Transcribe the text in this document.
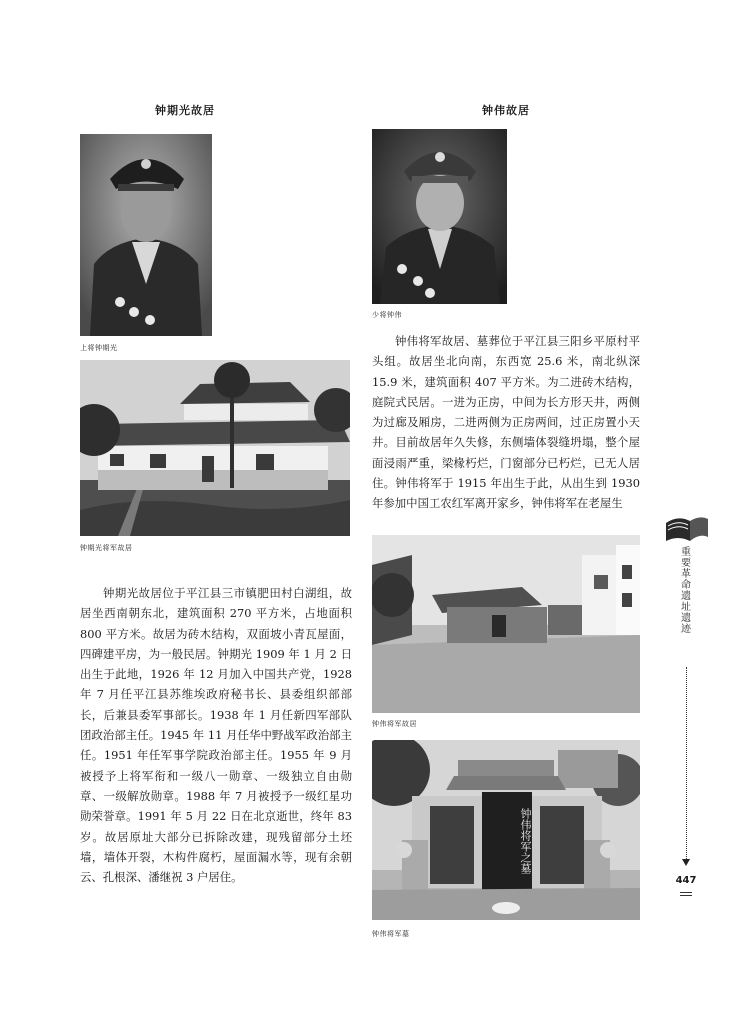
钟期光故居
上将钟期光
钟期光将军故居

钟期光故居位于平江县三市镇肥田村白湖组，故居坐西南朝东北，建筑面积 270 平方米，占地面积 800 平方米。故居为砖木结构，双面坡小青瓦屋面，四碑建平房，为一般民居。钟期光 1909 年 1 月 2 日出生于此地，1926 年 12 月加入中国共产党，1928 年 7 月任平江县苏维埃政府秘书长、县委组织部部长，后兼县委军事部长。1938 年 1 月任新四军部队团政治部主任。1945 年 11 月任华中野战军政治部主任。1951 年任军事学院政治部主任。1955 年 9 月被授予上将军衔和一级八一勋章、一级独立自由勋章、一级解放勋章。1988 年 7 月被授予一级红星功勋荣誉章。1991 年 5 月 22 日在北京逝世，终年 83 岁。故居原址大部分已拆除改建，现残留部分土坯墙，墙体开裂，木构件腐朽，屋面漏水等，现有余朝云、孔根深、潘继祝 3 户居住。

钟伟故居
少将钟伟

钟伟将军故居、墓葬位于平江县三阳乡平原村平头组。故居坐北向南，东西宽 25.6 米，南北纵深 15.9 米，建筑面积 407 平方米。为二进砖木结构，庭院式民居。一进为正房，中间为长方形天井，两侧为过廊及厢房，二进两侧为正房两间，过正房置小天井。目前故居年久失修，东侧墙体裂缝坍塌，整个屋面浸雨严重，梁椽朽烂，门窗部分已朽烂，已无人居住。钟伟将军于 1915 年出生于此，从出生到 1930 年参加中国工农红军离开家乡，钟伟将军在老屋生

钟伟将军故居
钟伟将军之墓
钟伟将军墓
重要革命遗址遗迹
447
